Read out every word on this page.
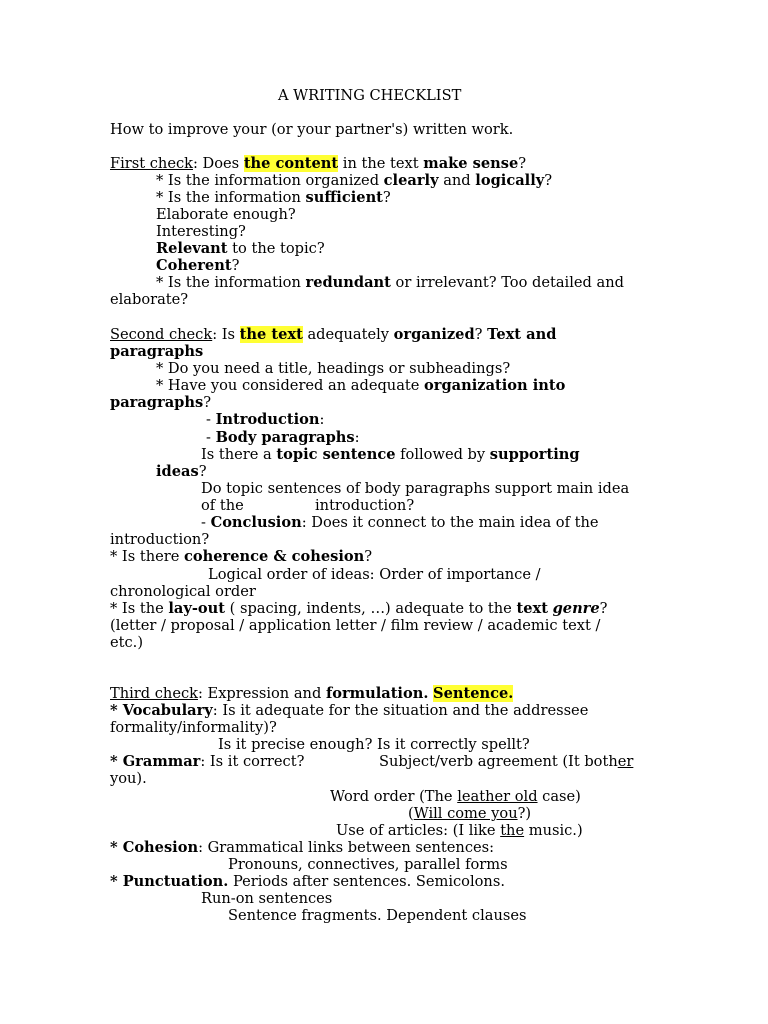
A WRITING CHECKLIST
How to improve your (or your partner's) written work.
First check: Does the content in the text make sense?
* Is the information organized clearly and logically?
* Is the information sufficient?
Elaborate enough?
Interesting?
Relevant to the topic?
Coherent?
* Is the information redundant or irrelevant? Too detailed and
elaborate?
Second check: Is the text adequately organized? Text and
paragraphs
* Do you need a title, headings or subheadings?
* Have you considered an adequate organization into
paragraphs?
- Introduction:
- Body paragraphs:
Is there a topic sentence followed by supporting
ideas?
Do topic sentences of body paragraphs support main idea
of the	introduction?
- Conclusion: Does it connect to the main idea of the
introduction?
* Is there coherence & cohesion?
Logical order of ideas: Order of importance /
chronological order
* Is the lay-out ( spacing, indents, …) adequate to the text genre?
(letter / proposal / application letter / film review / academic text /
etc.)
Third check: Expression and formulation. Sentence.
* Vocabulary: Is it adequate for the situation and the addressee
formality/informality)?
Is it precise enough? Is it correctly spellt?
* Grammar: Is it correct?	Subject/verb agreement (It bother
you).
Word order (The leather old case)
(Will come you?)
Use of articles: (I like the music.)
* Cohesion: Grammatical links between sentences:
Pronouns, connectives, parallel forms
* Punctuation. Periods after sentences. Semicolons.
Run-on sentences
Sentence fragments. Dependent clauses
